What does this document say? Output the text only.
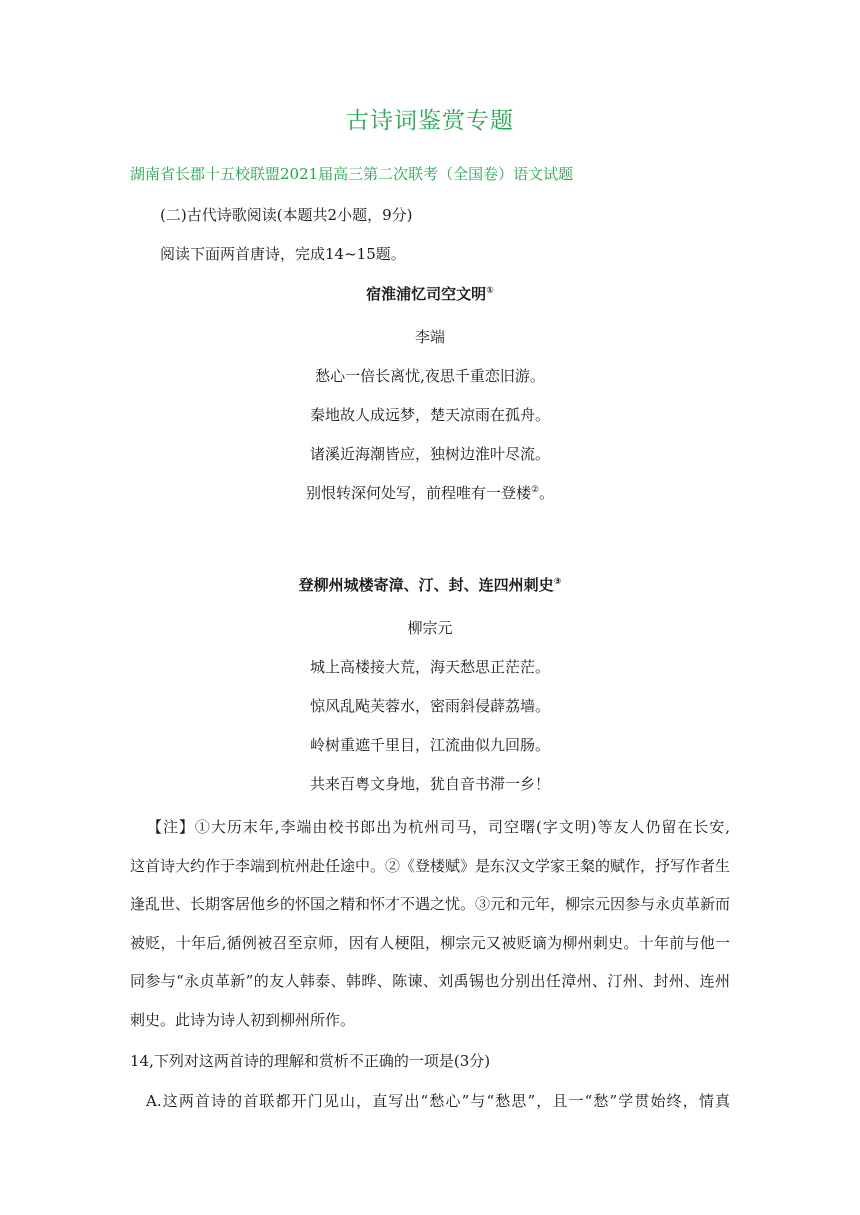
古诗词鉴赏专题
湖南省长郡十五校联盟2021届高三第二次联考（全国卷）语文试题
(二)古代诗歌阅读(本题共2小题，9分)
阅读下面两首唐诗，完成14~15题。
宿淮浦忆司空文明①
李端
愁心一倍长离忧,夜思千重恋旧游。
秦地故人成远梦，楚天凉雨在孤舟。
诸溪近海潮皆应，独树边淮叶尽流。
别恨转深何处写，前程唯有一登楼②。
登柳州城楼寄漳、汀、封、连四州刺史③
柳宗元
城上高楼接大荒，海天愁思正茫茫。
惊风乱飐芙蓉水，密雨斜侵薜荔墙。
岭树重遮千里目，江流曲似九回肠。
共来百粤文身地，犹自音书滞一乡！
【注】①大历末年,李端由校书郎出为杭州司马，司空曙(字文明)等友人仍留在长安,
这首诗大约作于李端到杭州赴任途中。②《登楼赋》是东汉文学家王粲的赋作，抒写作者生
逢乱世、长期客居他乡的怀国之精和怀才不遇之忧。③元和元年，柳宗元因参与永贞革新而
被贬，十年后,循例被召至京师，因有人梗阻，柳宗元又被贬谪为柳州刺史。十年前与他一
同参与“永贞革新”的友人韩泰、韩晔、陈谏、刘禹锡也分别出任漳州、汀州、封州、连州
刺史。此诗为诗人初到柳州所作。
14,下列对这两首诗的理解和赏析不正确的一项是(3分)
A.这两首诗的首联都开门见山，直写出“愁心”与“愁思”，且一“愁”学贯始终，情真
